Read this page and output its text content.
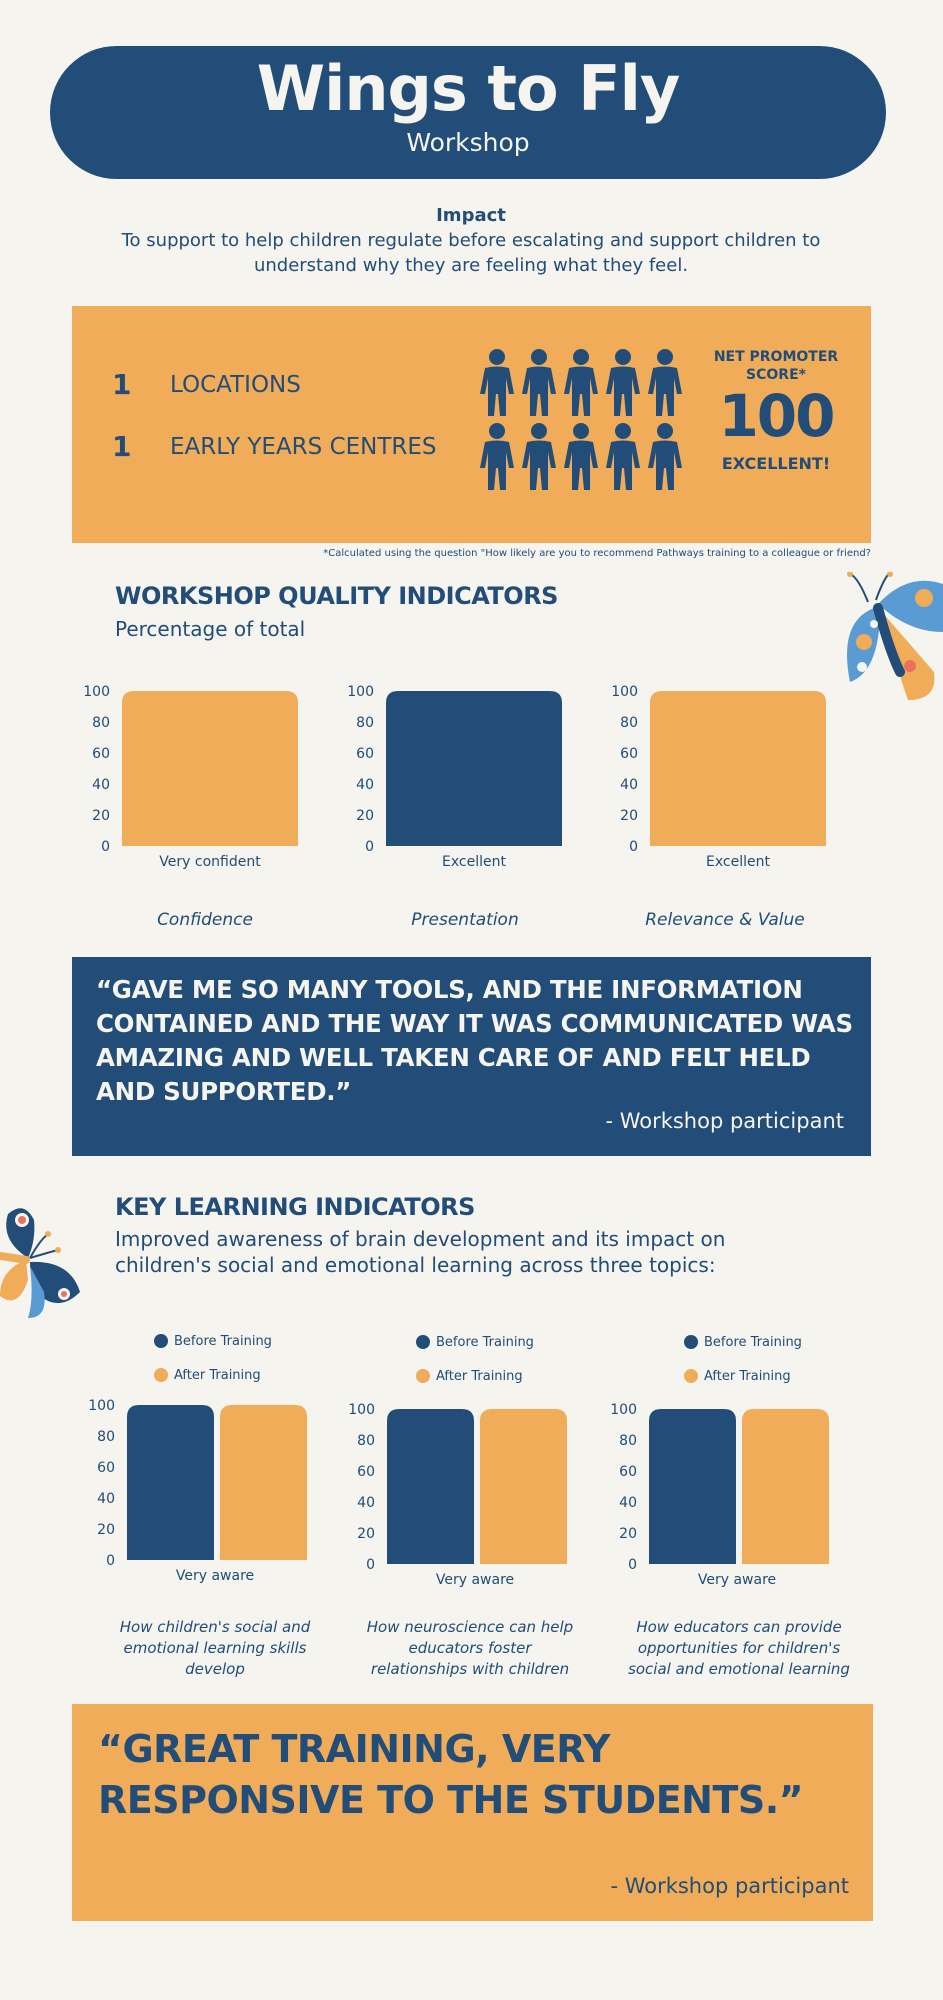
Wings to Fly
Workshop
Impact
To support to help children regulate before escalating and support children to understand why they are feeling what they feel.
1	LOCATIONS
1	EARLY YEARS CENTRES
NET PROMOTER
SCORE*
100
EXCELLENT!
*Calculated using the question "How likely are you to recommend Pathways training to a colleague or friend?
WORKSHOP QUALITY INDICATORS
Percentage of total
0
20
40
60
80
100
Very confident
0
20
40
60
80
100
Excellent
0
20
40
60
80
100
Excellent
Confidence	Presentation	Relevance & Value
“GAVE ME SO MANY TOOLS, AND THE INFORMATION CONTAINED AND THE WAY IT WAS COMMUNICATED WAS AMAZING AND WELL TAKEN CARE OF AND FELT HELD AND SUPPORTED.”
- Workshop participant
KEY LEARNING INDICATORS
Improved awareness of brain development and its impact on children's social and emotional learning across three topics:
Before Training
After Training
Before Training
After Training
Before Training
After Training
0
20
40
60
80
100
Very aware
0
20
40
60
80
100
Very aware
0
20
40
60
80
100
Very aware
How children's social and emotional learning skills develop
How neuroscience can help educators foster relationships with children
How educators can provide opportunities for children's social and emotional learning
“GREAT TRAINING, VERY RESPONSIVE TO THE STUDENTS.”
- Workshop participant
